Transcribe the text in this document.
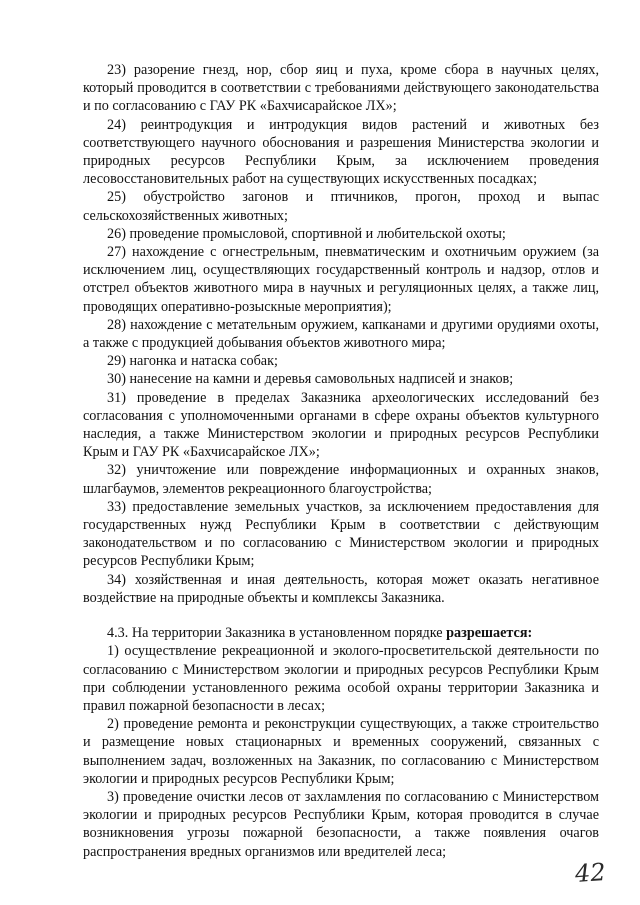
23) разорение гнезд, нор, сбор яиц и пуха, кроме сбора в научных целях, который проводится в соответствии с требованиями действующего законодательства и по согласованию с ГАУ РК «Бахчисарайское ЛХ»;

24) реинтродукция и интродукция видов растений и животных без соответствующего научного обоснования и разрешения Министерства экологии и природных ресурсов Республики Крым, за исключением проведения лесовосстановительных работ на существующих искусственных посадках;

25) обустройство загонов и птичников, прогон, проход и выпас сельскохозяйственных животных;

26) проведение промысловой, спортивной и любительской охоты;

27) нахождение с огнестрельным, пневматическим и охотничьим оружием (за исключением лиц, осуществляющих государственный контроль и надзор, отлов и отстрел объектов животного мира в научных и регуляционных целях, а также лиц, проводящих оперативно-розыскные мероприятия);

28) нахождение с метательным оружием, капканами и другими орудиями охоты, а также с продукцией добывания объектов животного мира;

29) нагонка и натаска собак;

30) нанесение на камни и деревья самовольных надписей и знаков;

31) проведение в пределах Заказника археологических исследований без согласования с уполномоченными органами в сфере охраны объектов культурного наследия, а также Министерством экологии и природных ресурсов Республики Крым и ГАУ РК «Бахчисарайское ЛХ»;

32) уничтожение или повреждение информационных и охранных знаков, шлагбаумов, элементов рекреационного благоустройства;

33) предоставление земельных участков, за исключением предоставления для государственных нужд Республики Крым в соответствии с действующим законодательством и по согласованию с Министерством экологии и природных ресурсов Республики Крым;

34) хозяйственная и иная деятельность, которая может оказать негативное воздействие на природные объекты и комплексы Заказника.

4.3. На территории Заказника в установленном порядке разрешается:

1) осуществление рекреационной и эколого-просветительской деятельности по согласованию с Министерством экологии и природных ресурсов Республики Крым при соблюдении установленного режима особой охраны территории Заказника и правил пожарной безопасности в лесах;

2) проведение ремонта и реконструкции существующих, а также строительство и размещение новых стационарных и временных сооружений, связанных с выполнением задач, возложенных на Заказник, по согласованию с Министерством экологии и природных ресурсов Республики Крым;

3) проведение очистки лесов от захламления по согласованию с Министерством экологии и природных ресурсов Республики Крым, которая проводится в случае возникновения угрозы пожарной безопасности, а также появления очагов распространения вредных организмов или вредителей леса;

42
